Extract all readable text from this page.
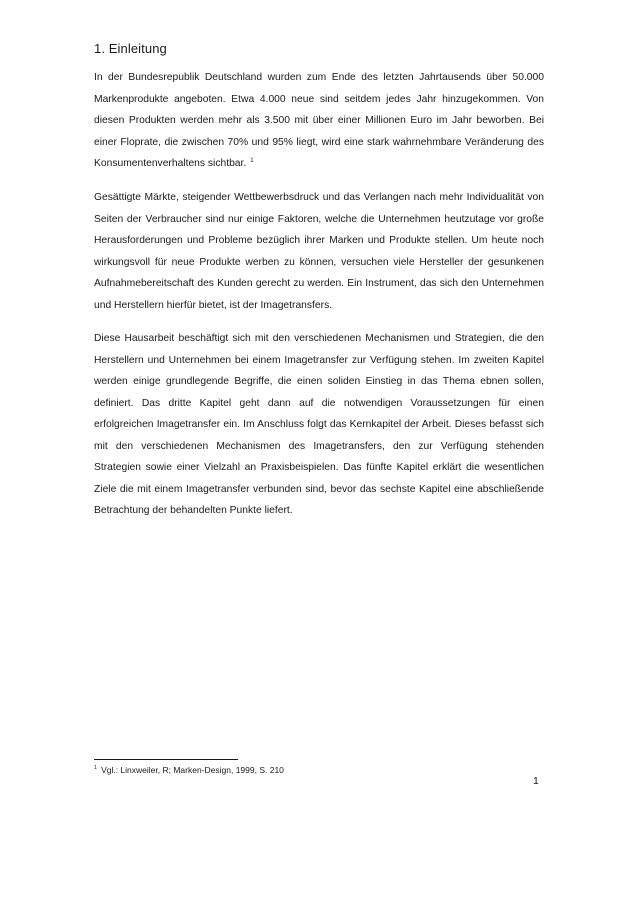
1. Einleitung

In der Bundesrepublik Deutschland wurden zum Ende des letzten Jahrtausends über 50.000 Markenprodukte angeboten. Etwa 4.000 neue sind seitdem jedes Jahr hinzugekommen. Von diesen Produkten werden mehr als 3.500 mit über einer Millionen Euro im Jahr beworben. Bei einer Floprate, die zwischen 70% und 95% liegt, wird eine stark wahrnehmbare Veränderung des Konsumentenverhaltens sichtbar. $^1$

Gesättigte Märkte, steigender Wettbewerbsdruck und das Verlangen nach mehr Individualität von Seiten der Verbraucher sind nur einige Faktoren, welche die Unternehmen heutzutage vor große Herausforderungen und Probleme bezüglich ihrer Marken und Produkte stellen. Um heute noch wirkungsvoll für neue Produkte werben zu können, versuchen viele Hersteller der gesunkenen Aufnahmebereitschaft des Kunden gerecht zu werden. Ein Instrument, das sich den Unternehmen und Herstellern hierfür bietet, ist der Imagetransfers.

Diese Hausarbeit beschäftigt sich mit den verschiedenen Mechanismen und Strategien, die den Herstellern und Unternehmen bei einem Imagetransfer zur Verfügung stehen. Im zweiten Kapitel werden einige grundlegende Begriffe, die einen soliden Einstieg in das Thema ebnen sollen, definiert. Das dritte Kapitel geht dann auf die notwendigen Voraussetzungen für einen erfolgreichen Imagetransfer ein. Im Anschluss folgt das Kernkapitel der Arbeit. Dieses befasst sich mit den verschiedenen Mechanismen des Imagetransfers, den zur Verfügung stehenden Strategien sowie einer Vielzahl an Praxisbeispielen. Das fünfte Kapitel erklärt die wesentlichen Ziele die mit einem Imagetransfer verbunden sind, bevor das sechste Kapitel eine abschließende Betrachtung der behandelten Punkte liefert.

$^1$ Vgl.: Linxweiler, R; Marken-Design, 1999, S. 210
1
